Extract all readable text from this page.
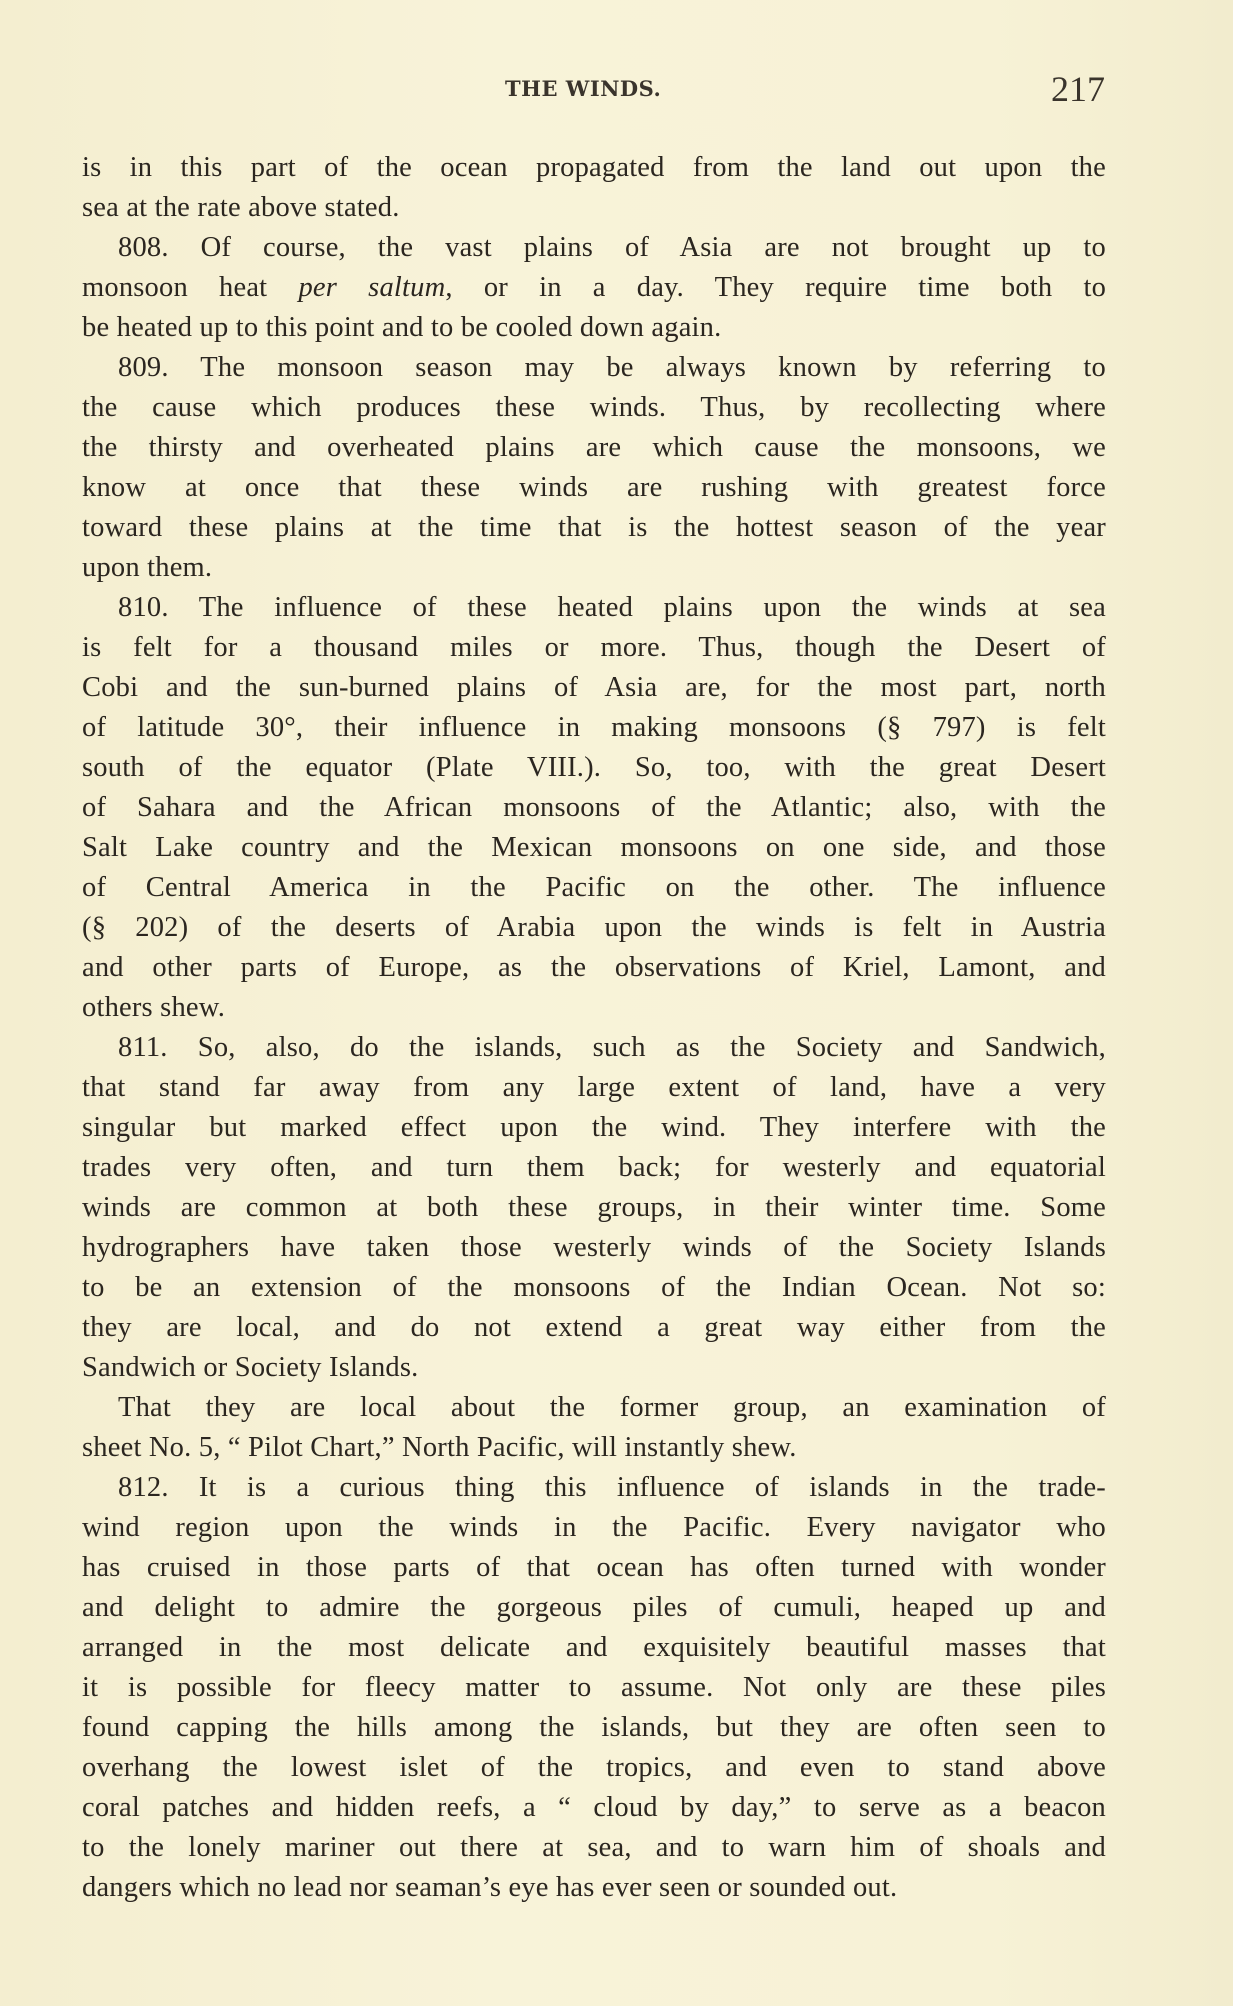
THE WINDS.	217
is in this part of the ocean propagated from the land out upon the
sea at the rate above stated.
808. Of course, the vast plains of Asia are not brought up to
monsoon heat per saltum, or in a day. They require time both to
be heated up to this point and to be cooled down again.
809. The monsoon season may be always known by referring to
the cause which produces these winds. Thus, by recollecting where
the thirsty and overheated plains are which cause the monsoons, we
know at once that these winds are rushing with greatest force
toward these plains at the time that is the hottest season of the year
upon them.
810. The influence of these heated plains upon the winds at sea
is felt for a thousand miles or more. Thus, though the Desert of
Cobi and the sun-burned plains of Asia are, for the most part, north
of latitude 30°, their influence in making monsoons (§ 797) is felt
south of the equator (Plate VIII.). So, too, with the great Desert
of Sahara and the African monsoons of the Atlantic; also, with the
Salt Lake country and the Mexican monsoons on one side, and those
of Central America in the Pacific on the other. The influence
(§ 202) of the deserts of Arabia upon the winds is felt in Austria
and other parts of Europe, as the observations of Kriel, Lamont, and
others shew.
811. So, also, do the islands, such as the Society and Sandwich,
that stand far away from any large extent of land, have a very
singular but marked effect upon the wind. They interfere with the
trades very often, and turn them back; for westerly and equatorial
winds are common at both these groups, in their winter time. Some
hydrographers have taken those westerly winds of the Society Islands
to be an extension of the monsoons of the Indian Ocean. Not so:
they are local, and do not extend a great way either from the
Sandwich or Society Islands.
That they are local about the former group, an examination of
sheet No. 5, “ Pilot Chart,” North Pacific, will instantly shew.
812. It is a curious thing this influence of islands in the trade-
wind region upon the winds in the Pacific. Every navigator who
has cruised in those parts of that ocean has often turned with wonder
and delight to admire the gorgeous piles of cumuli, heaped up and
arranged in the most delicate and exquisitely beautiful masses that
it is possible for fleecy matter to assume. Not only are these piles
found capping the hills among the islands, but they are often seen to
overhang the lowest islet of the tropics, and even to stand above
coral patches and hidden reefs, a “ cloud by day,” to serve as a beacon
to the lonely mariner out there at sea, and to warn him of shoals and
dangers which no lead nor seaman’s eye has ever seen or sounded out.
